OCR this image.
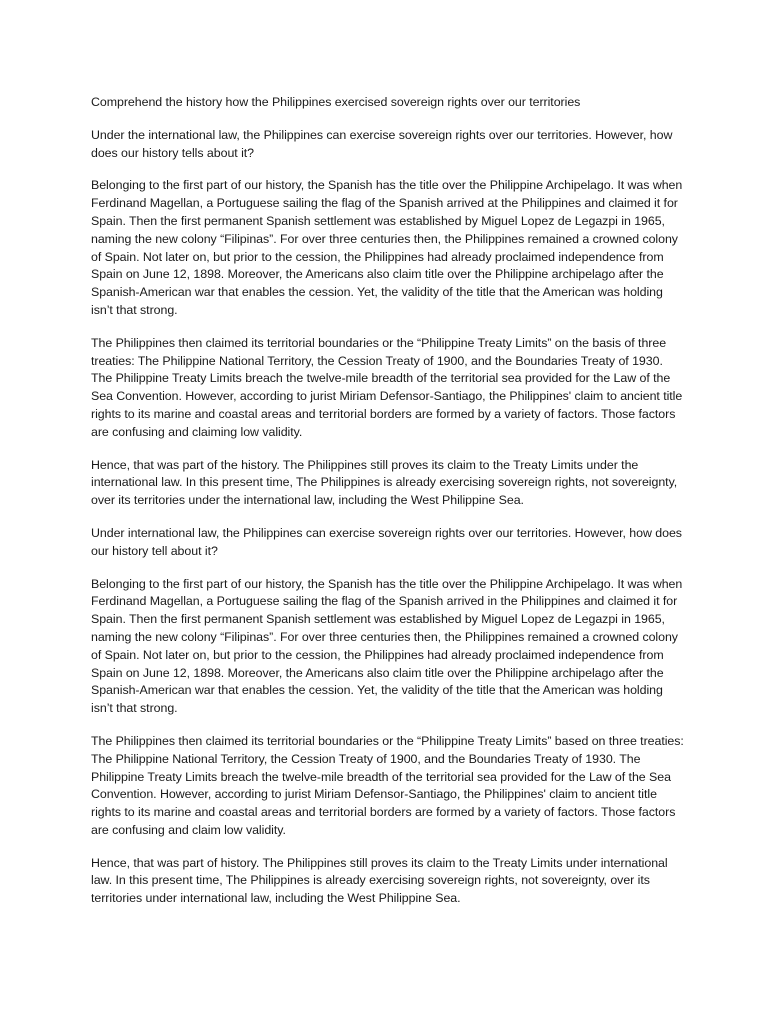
Comprehend the history how the Philippines exercised sovereign rights over our territories

Under the international law, the Philippines can exercise sovereign rights over our territories. However, how does our history tells about it?

Belonging to the first part of our history, the Spanish has the title over the Philippine Archipelago. It was when Ferdinand Magellan, a Portuguese sailing the flag of the Spanish arrived at the Philippines and claimed it for Spain. Then the first permanent Spanish settlement was established by Miguel Lopez de Legazpi in 1965, naming the new colony “Filipinas”. For over three centuries then, the Philippines remained a crowned colony of Spain. Not later on, but prior to the cession, the Philippines had already proclaimed independence from Spain on June 12, 1898. Moreover, the Americans also claim title over the Philippine archipelago after the Spanish-American war that enables the cession. Yet, the validity of the title that the American was holding isn’t that strong.

The Philippines then claimed its territorial boundaries or the “Philippine Treaty Limits” on the basis of three treaties: The Philippine National Territory, the Cession Treaty of 1900, and the Boundaries Treaty of 1930. The Philippine Treaty Limits breach the twelve-mile breadth of the territorial sea provided for the Law of the Sea Convention. However, according to jurist Miriam Defensor-Santiago, the Philippines' claim to ancient title rights to its marine and coastal areas and territorial borders are formed by a variety of factors. Those factors are confusing and claiming low validity.

Hence, that was part of the history. The Philippines still proves its claim to the Treaty Limits under the international law. In this present time, The Philippines is already exercising sovereign rights, not sovereignty, over its territories under the international law, including the West Philippine Sea.

Under international law, the Philippines can exercise sovereign rights over our territories. However, how does our history tell about it?

Belonging to the first part of our history, the Spanish has the title over the Philippine Archipelago. It was when Ferdinand Magellan, a Portuguese sailing the flag of the Spanish arrived in the Philippines and claimed it for Spain. Then the first permanent Spanish settlement was established by Miguel Lopez de Legazpi in 1965, naming the new colony “Filipinas”. For over three centuries then, the Philippines remained a crowned colony of Spain. Not later on, but prior to the cession, the Philippines had already proclaimed independence from Spain on June 12, 1898. Moreover, the Americans also claim title over the Philippine archipelago after the Spanish-American war that enables the cession. Yet, the validity of the title that the American was holding isn’t that strong.

The Philippines then claimed its territorial boundaries or the “Philippine Treaty Limits” based on three treaties: The Philippine National Territory, the Cession Treaty of 1900, and the Boundaries Treaty of 1930. The Philippine Treaty Limits breach the twelve-mile breadth of the territorial sea provided for the Law of the Sea Convention. However, according to jurist Miriam Defensor-Santiago, the Philippines' claim to ancient title rights to its marine and coastal areas and territorial borders are formed by a variety of factors. Those factors are confusing and claim low validity.

Hence, that was part of history. The Philippines still proves its claim to the Treaty Limits under international law. In this present time, The Philippines is already exercising sovereign rights, not sovereignty, over its territories under international law, including the West Philippine Sea.
